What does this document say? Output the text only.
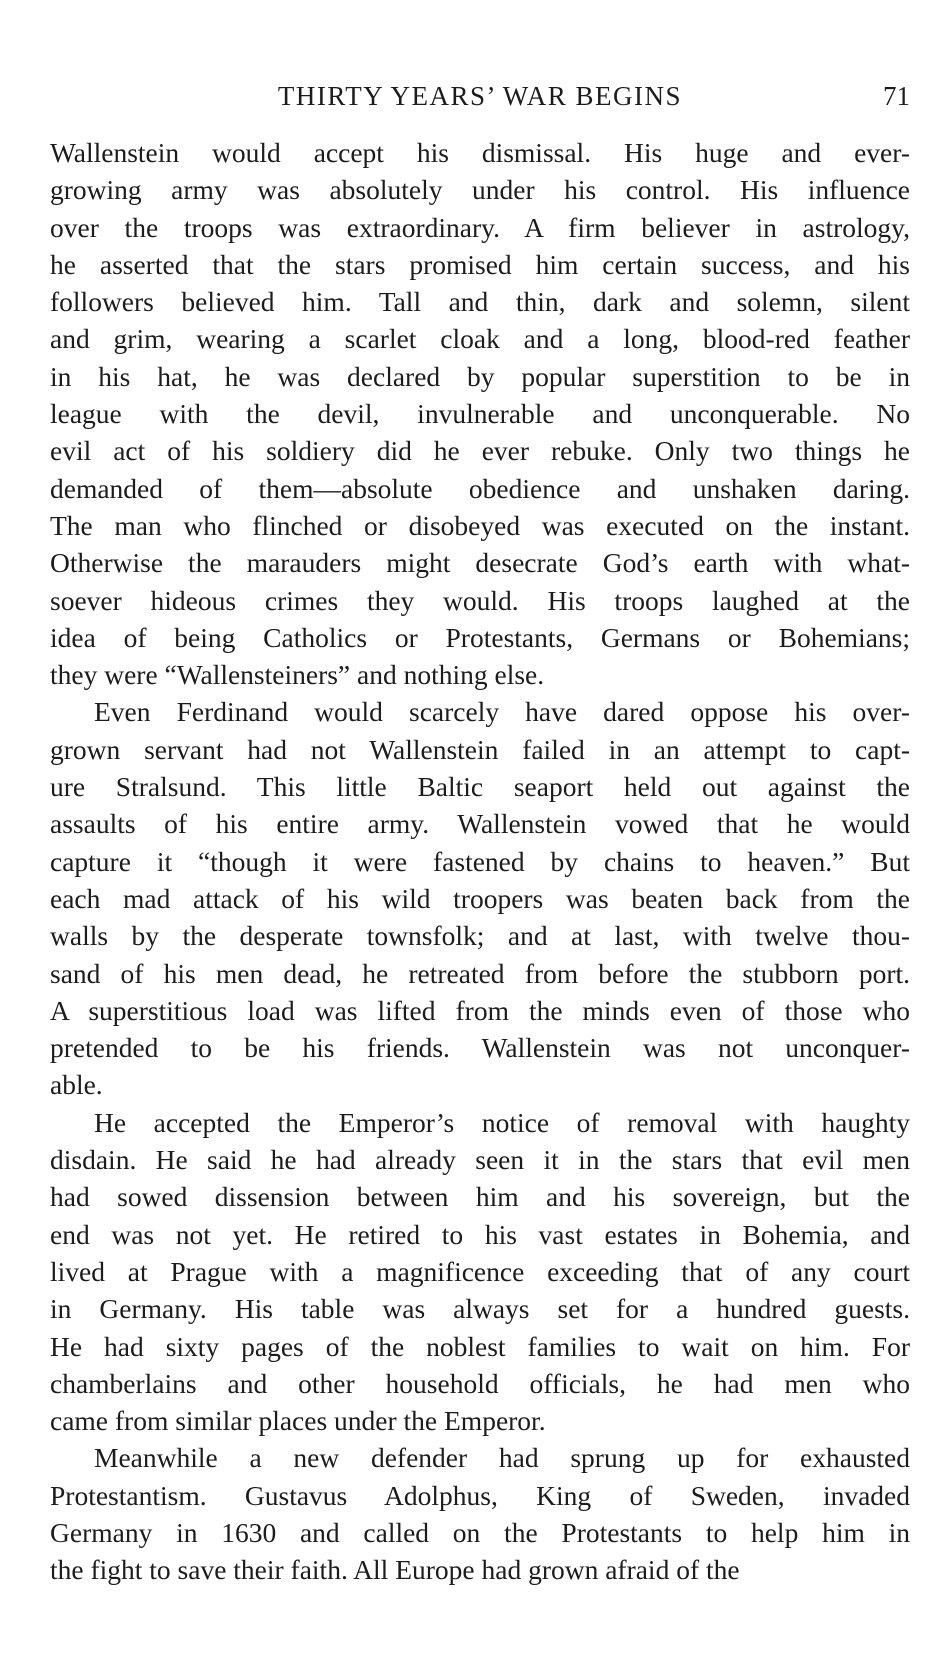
THIRTY YEARS’ WAR BEGINS	71
Wallenstein would accept his dismissal. His huge and ever-
growing army was absolutely under his control. His influence
over the troops was extraordinary. A firm believer in astrology,
he asserted that the stars promised him certain success, and his
followers believed him. Tall and thin, dark and solemn, silent
and grim, wearing a scarlet cloak and a long, blood-red feather
in his hat, he was declared by popular superstition to be in
league with the devil, invulnerable and unconquerable. No
evil act of his soldiery did he ever rebuke. Only two things he
demanded of them—absolute obedience and unshaken daring.
The man who flinched or disobeyed was executed on the instant.
Otherwise the marauders might desecrate God’s earth with what-
soever hideous crimes they would. His troops laughed at the
idea of being Catholics or Protestants, Germans or Bohemians;
they were “Wallensteiners” and nothing else.
Even Ferdinand would scarcely have dared oppose his over-
grown servant had not Wallenstein failed in an attempt to capt-
ure Stralsund. This little Baltic seaport held out against the
assaults of his entire army. Wallenstein vowed that he would
capture it “though it were fastened by chains to heaven.” But
each mad attack of his wild troopers was beaten back from the
walls by the desperate townsfolk; and at last, with twelve thou-
sand of his men dead, he retreated from before the stubborn port.
A superstitious load was lifted from the minds even of those who
pretended to be his friends. Wallenstein was not unconquer-
able.
He accepted the Emperor’s notice of removal with haughty
disdain. He said he had already seen it in the stars that evil men
had sowed dissension between him and his sovereign, but the
end was not yet. He retired to his vast estates in Bohemia, and
lived at Prague with a magnificence exceeding that of any court
in Germany. His table was always set for a hundred guests.
He had sixty pages of the noblest families to wait on him. For
chamberlains and other household officials, he had men who
came from similar places under the Emperor.
Meanwhile a new defender had sprung up for exhausted
Protestantism. Gustavus Adolphus, King of Sweden, invaded
Germany in 1630 and called on the Protestants to help him in
the fight to save their faith. All Europe had grown afraid of the
